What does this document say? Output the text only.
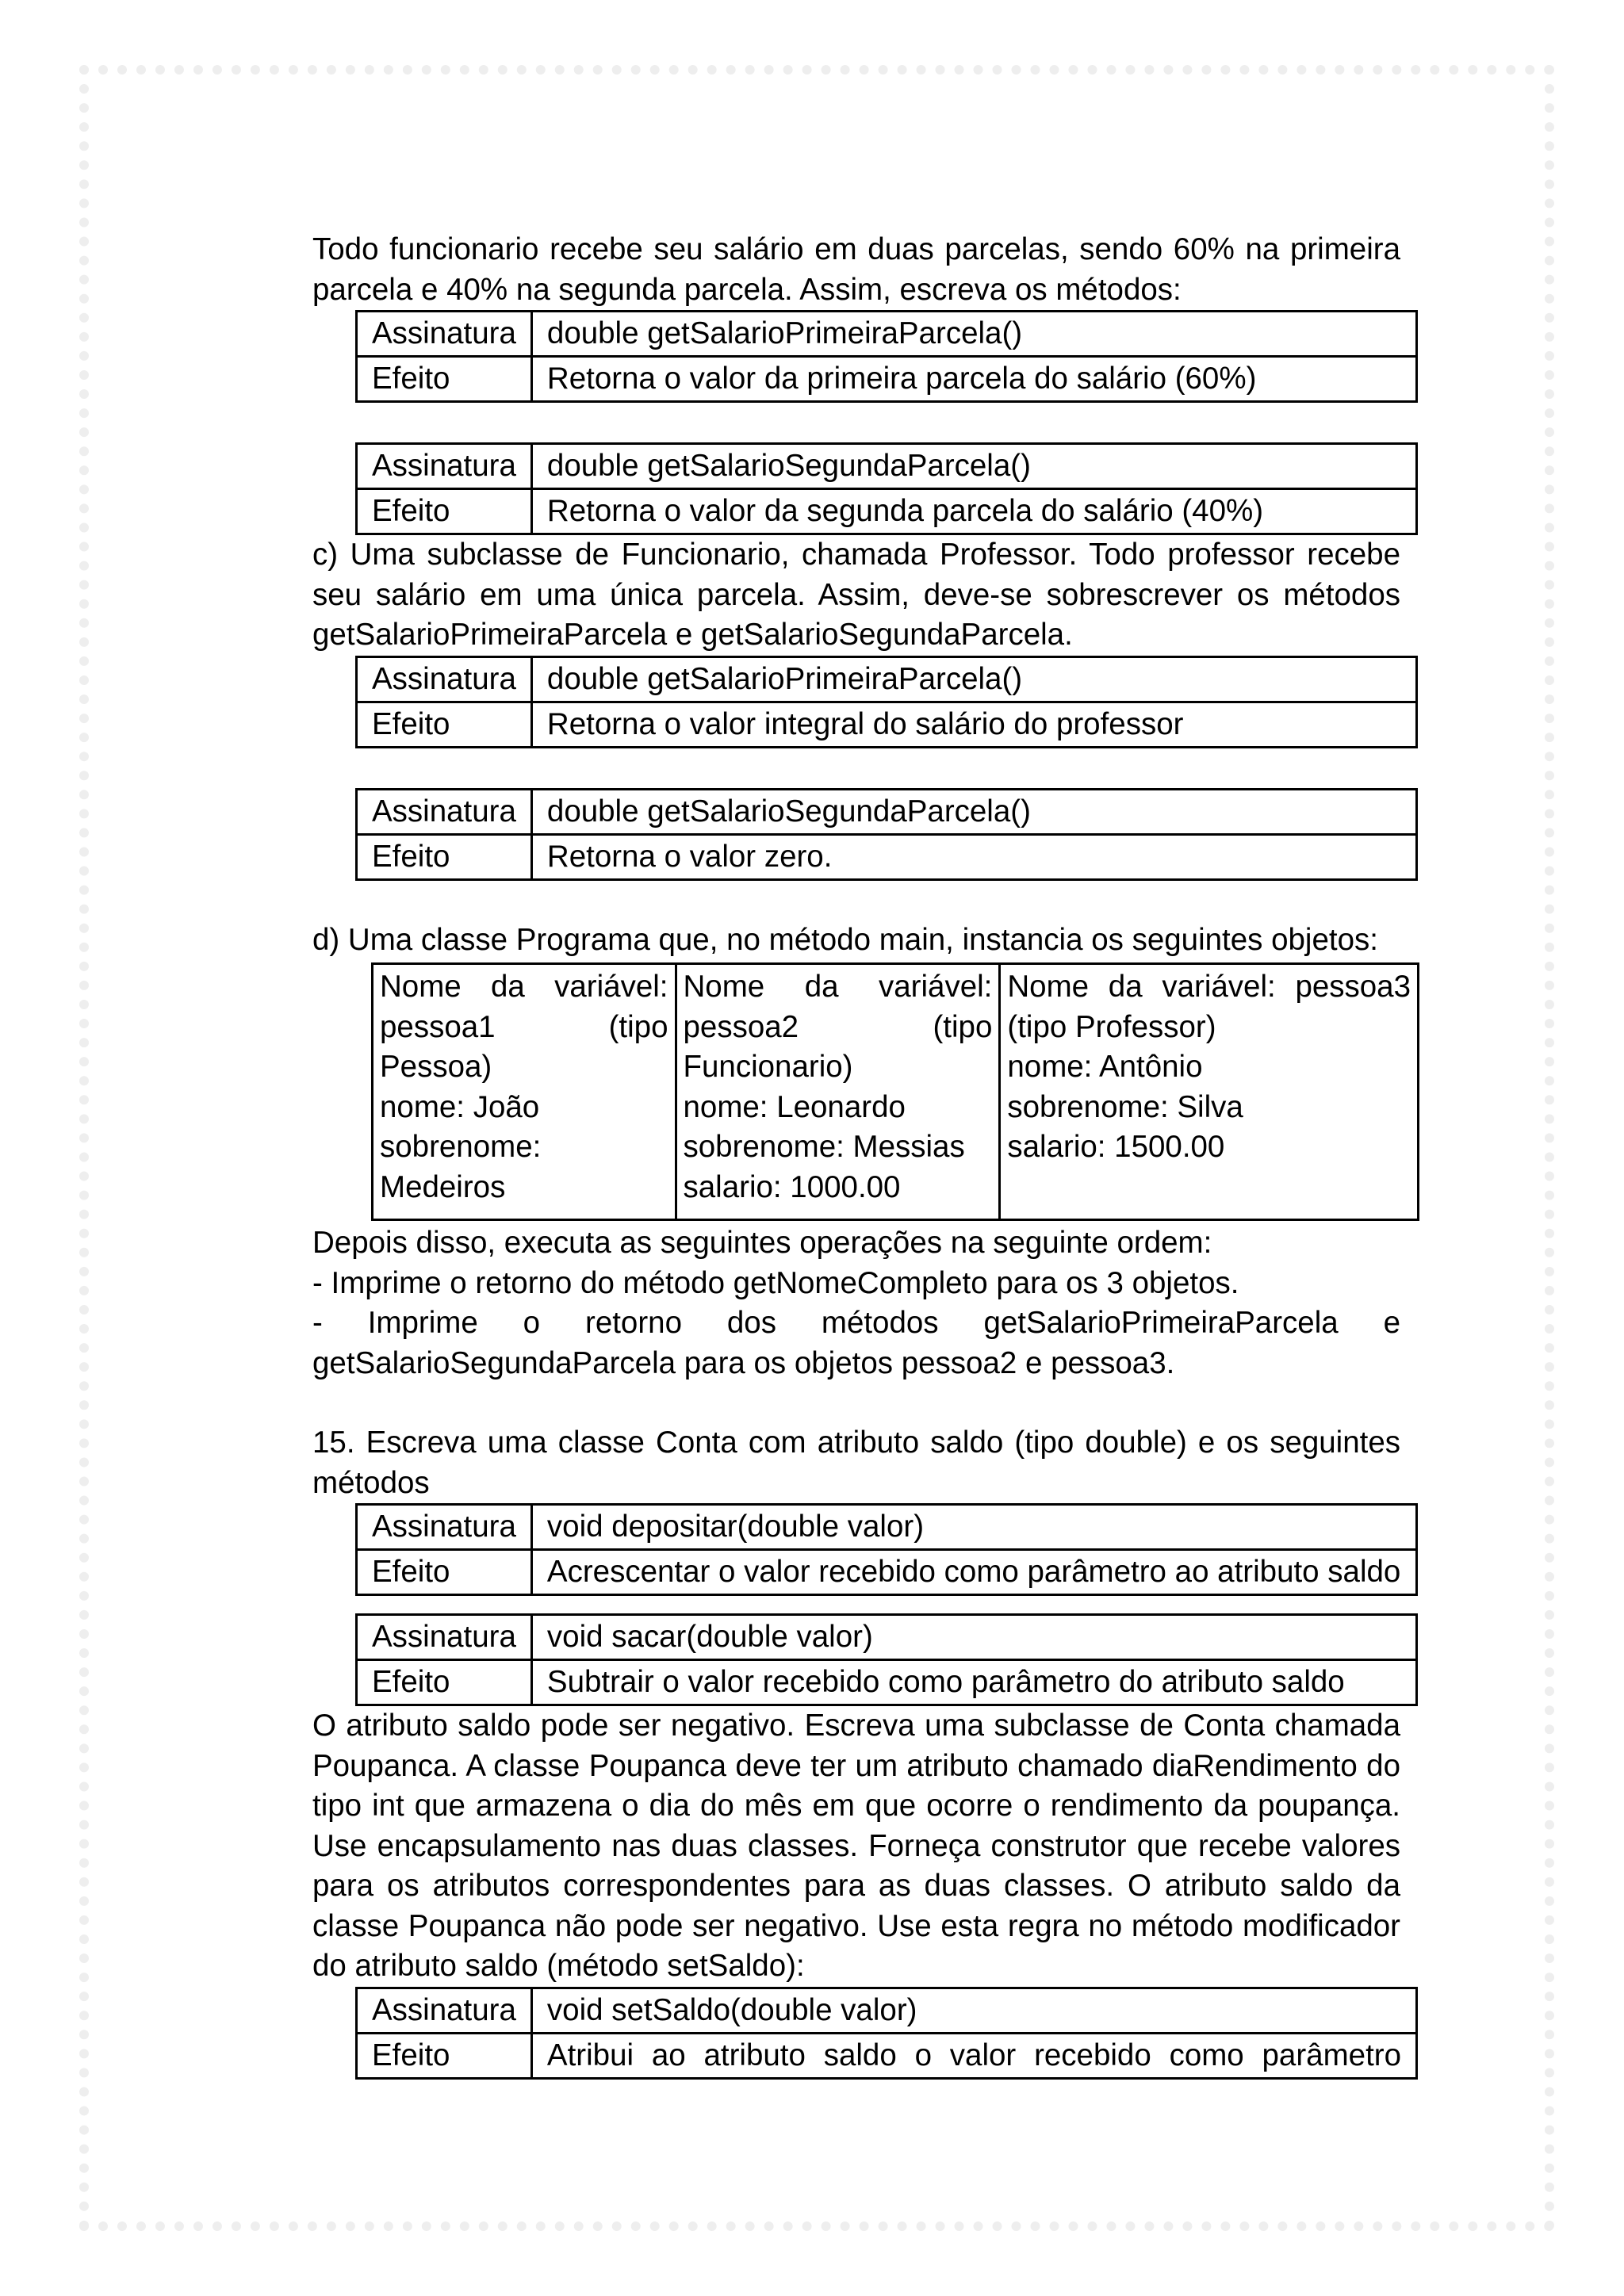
Todo funcionario recebe seu salário em duas parcelas, sendo 60% na primeira parcela e 40% na segunda parcela. Assim, escreva os métodos:

Assinatura	double getSalarioPrimeiraParcela()
Efeito	Retorna o valor da primeira parcela do salário (60%)
Assinatura	double getSalarioSegundaParcela()
Efeito	Retorna o valor da segunda parcela do salário (40%)

c) Uma subclasse de Funcionario, chamada Professor. Todo professor recebe seu salário em uma única parcela. Assim, deve-se sobrescrever os métodos getSalarioPrimeiraParcela e getSalarioSegundaParcela.

Assinatura	double getSalarioPrimeiraParcela()
Efeito	Retorna o valor integral do salário do professor
Assinatura	double getSalarioSegundaParcela()
Efeito	Retorna o valor zero.

d) Uma classe Programa que, no método main, instancia os seguintes objetos:

Nome da variável: pessoa1 (tipo Pessoa)
nome: João
sobrenome: Medeiros

Nome da variável: pessoa2 (tipo Funcionario)
nome: Leonardo
sobrenome: Messias
salario: 1000.00

Nome da variável: pessoa3 (tipo Professor)
nome: Antônio
sobrenome: Silva
salario: 1500.00

Depois disso, executa as seguintes operações na seguinte ordem:

- Imprime o retorno do método getNomeCompleto para os 3 objetos.

- Imprime o retorno dos métodos getSalarioPrimeiraParcela e getSalarioSegundaParcela para os objetos pessoa2 e pessoa3.

15. Escreva uma classe Conta com atributo saldo (tipo double) e os seguintes métodos

Assinatura	void depositar(double valor)
Efeito	Acrescentar o valor recebido como parâmetro ao atributo saldo
Assinatura	void sacar(double valor)
Efeito	Subtrair o valor recebido como parâmetro do atributo saldo

O atributo saldo pode ser negativo. Escreva uma subclasse de Conta chamada Poupanca. A classe Poupanca deve ter um atributo chamado diaRendimento do tipo int que armazena o dia do mês em que ocorre o rendimento da poupança. Use encapsulamento nas duas classes. Forneça construtor que recebe valores para os atributos correspondentes para as duas classes. O atributo saldo da classe Poupanca não pode ser negativo. Use esta regra no método modificador do atributo saldo (método setSaldo):

Assinatura	void setSaldo(double valor)
Efeito	Atribui ao atributo saldo o valor recebido como parâmetro
